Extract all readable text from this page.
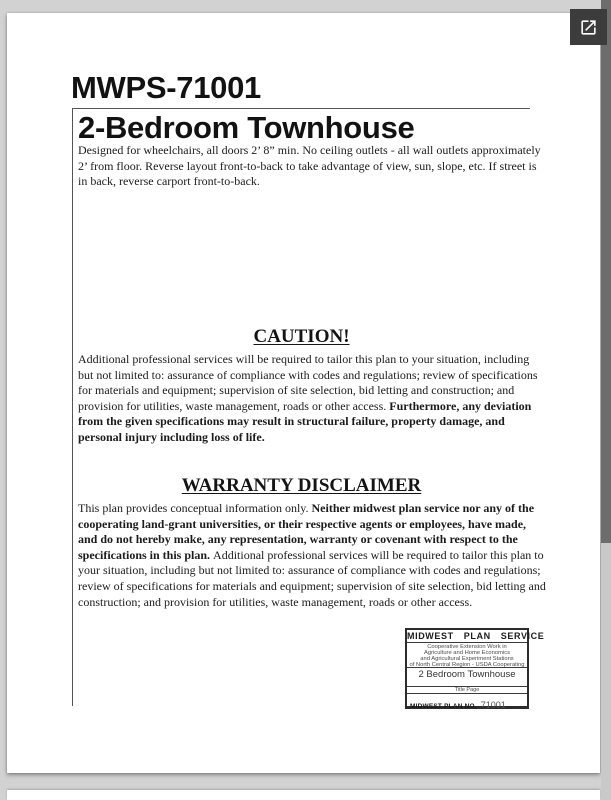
MWPS-71001
2-Bedroom Townhouse

Designed for wheelchairs, all doors 2’ 8” min. No ceiling outlets - all wall outlets approximately 2’ from floor. Reverse layout front-to-back to take advantage of view, sun, slope, etc. If street is in back, reverse carport front-to-back.

CAUTION!

Additional professional services will be required to tailor this plan to your situation, including but not limited to: assurance of compliance with codes and regulations; review of specifications for materials and equipment; supervision of site selection, bid letting and construction; and provision for utilities, waste management, roads or other access. Furthermore, any deviation from the given specifications may result in structural failure, property damage, and personal injury including loss of life.

WARRANTY DISCLAIMER

This plan provides conceptual information only. Neither midwest plan service nor any of the cooperating land-grant universities, or their respective agents or employees, have made, and do not hereby make, any representation, warranty or covenant with respect to the specifications in this plan. Additional professional services will be required to tailor this plan to your situation, including but not limited to: assurance of compliance with codes and regulations; review of specifications for materials and equipment; supervision of site selection, bid letting and construction; and provision for utilities, waste management, roads or other access.

MIDWEST PLAN SERVICE
Cooperative Extension Work in
Agriculture and Home Economics
and Agricultural Experiment Stations
of North Central Region - USDA Cooperating
2 Bedroom Townhouse
Title Page
MIDWEST PLAN NO. 71001
